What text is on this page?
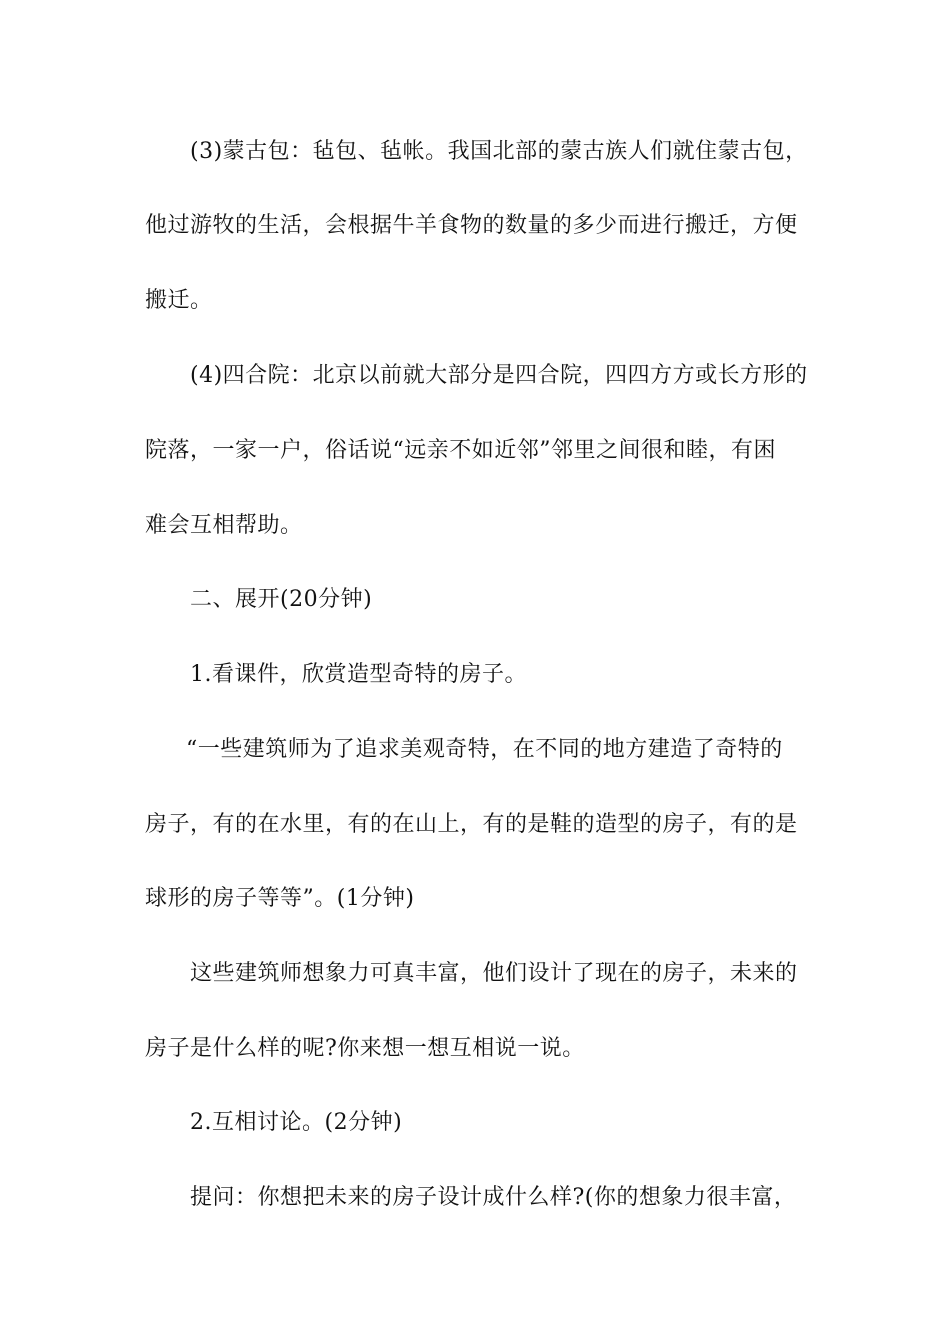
(3)蒙古包：毡包、毡帐。我国北部的蒙古族人们就住蒙古包，
他过游牧的生活，会根据牛羊食物的数量的多少而进行搬迁，方便
搬迁。
(4)四合院：北京以前就大部分是四合院，四四方方或长方形的
院落，一家一户，俗话说“远亲不如近邻”邻里之间很和睦，有困
难会互相帮助。
二、展开(20分钟)
1.看课件，欣赏造型奇特的房子。
“一些建筑师为了追求美观奇特，在不同的地方建造了奇特的
房子，有的在水里，有的在山上，有的是鞋的造型的房子，有的是
球形的房子等等”。(1分钟)
这些建筑师想象力可真丰富，他们设计了现在的房子，未来的
房子是什么样的呢?你来想一想互相说一说。
2.互相讨论。(2分钟)
提问：你想把未来的房子设计成什么样?(你的想象力很丰富，
